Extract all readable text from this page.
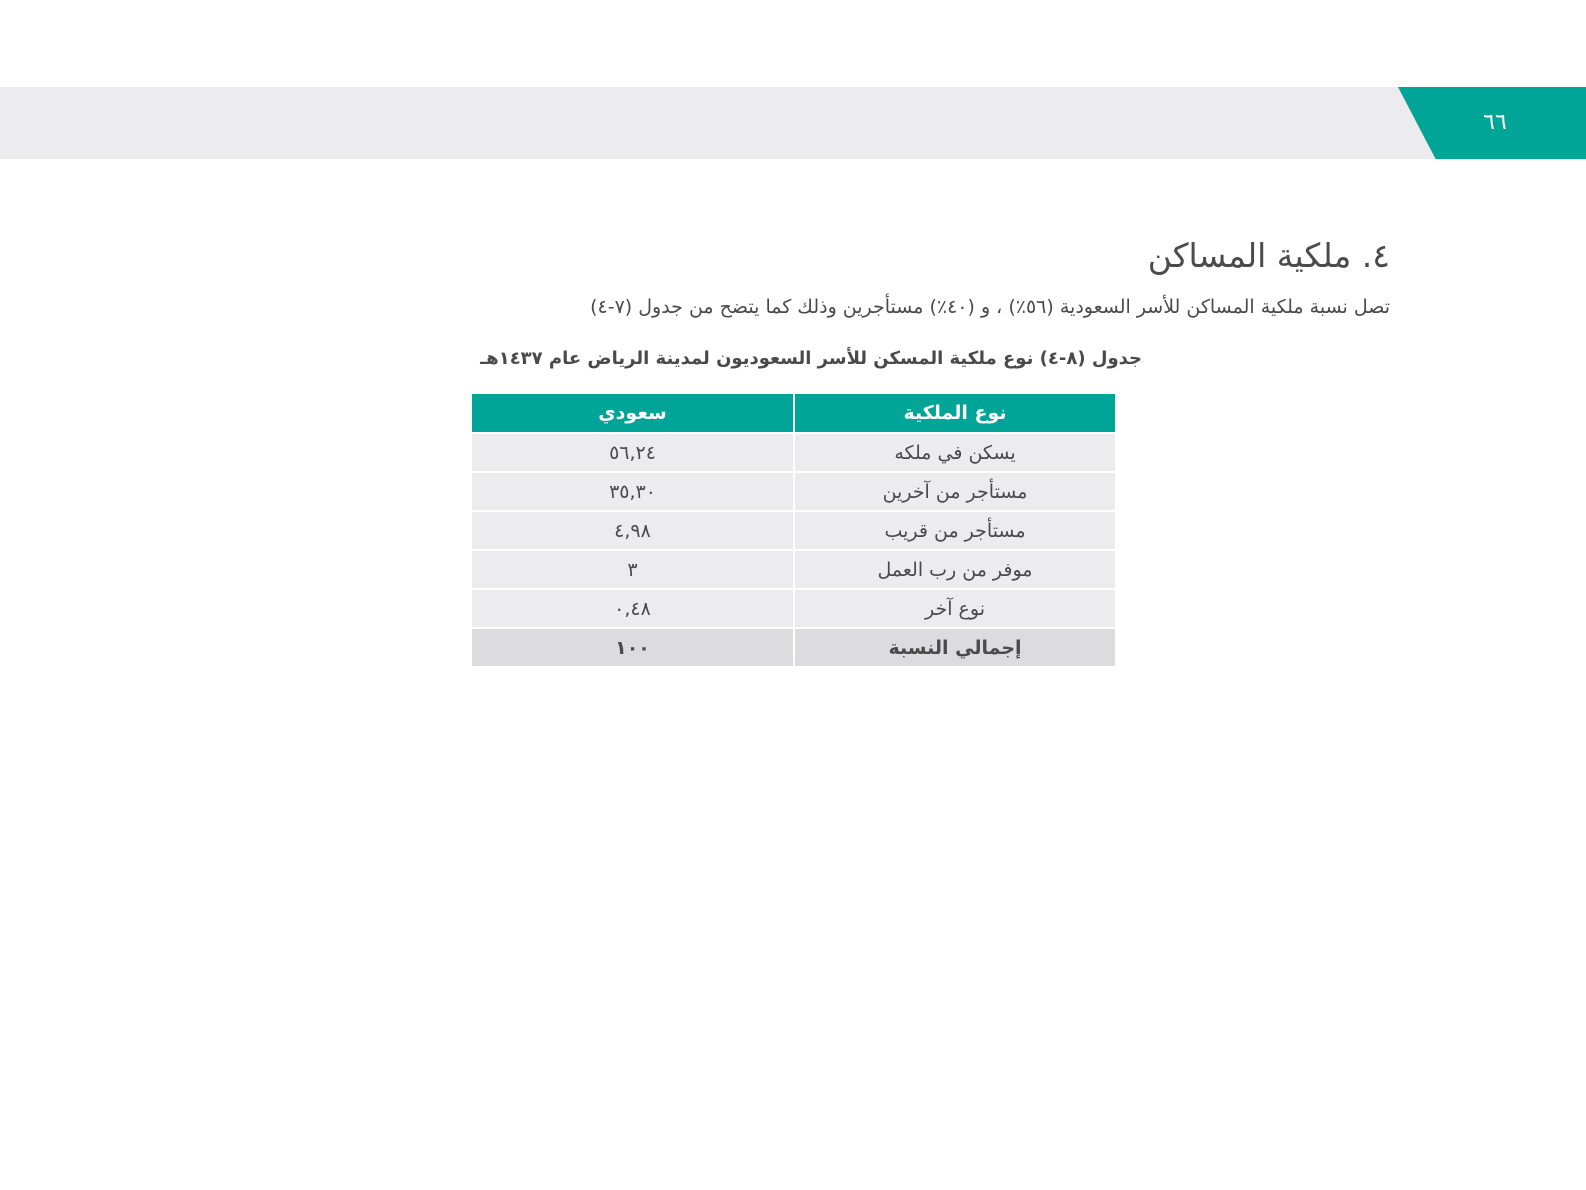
٦٦
٤. ملكية المساكن
تصل نسبة ملكية المساكن للأسر السعودية (٥٦٪) ، و (٤٠٪) مستأجرين وذلك كما يتضح من جدول (٧-٤)
جدول (٨-٤) نوع ملكية المسكن للأسر السعوديون لمدينة الرياض عام ١٤٣٧هـ
نوع الملكية	سعودي
يسكن في ملكه	٥٦,٢٤
مستأجر من آخرين	٣٥,٣٠
مستأجر من قريب	٤,٩٨
موفر من رب العمل	٣
نوع آخر	٠,٤٨
إجمالي النسبة	١٠٠
